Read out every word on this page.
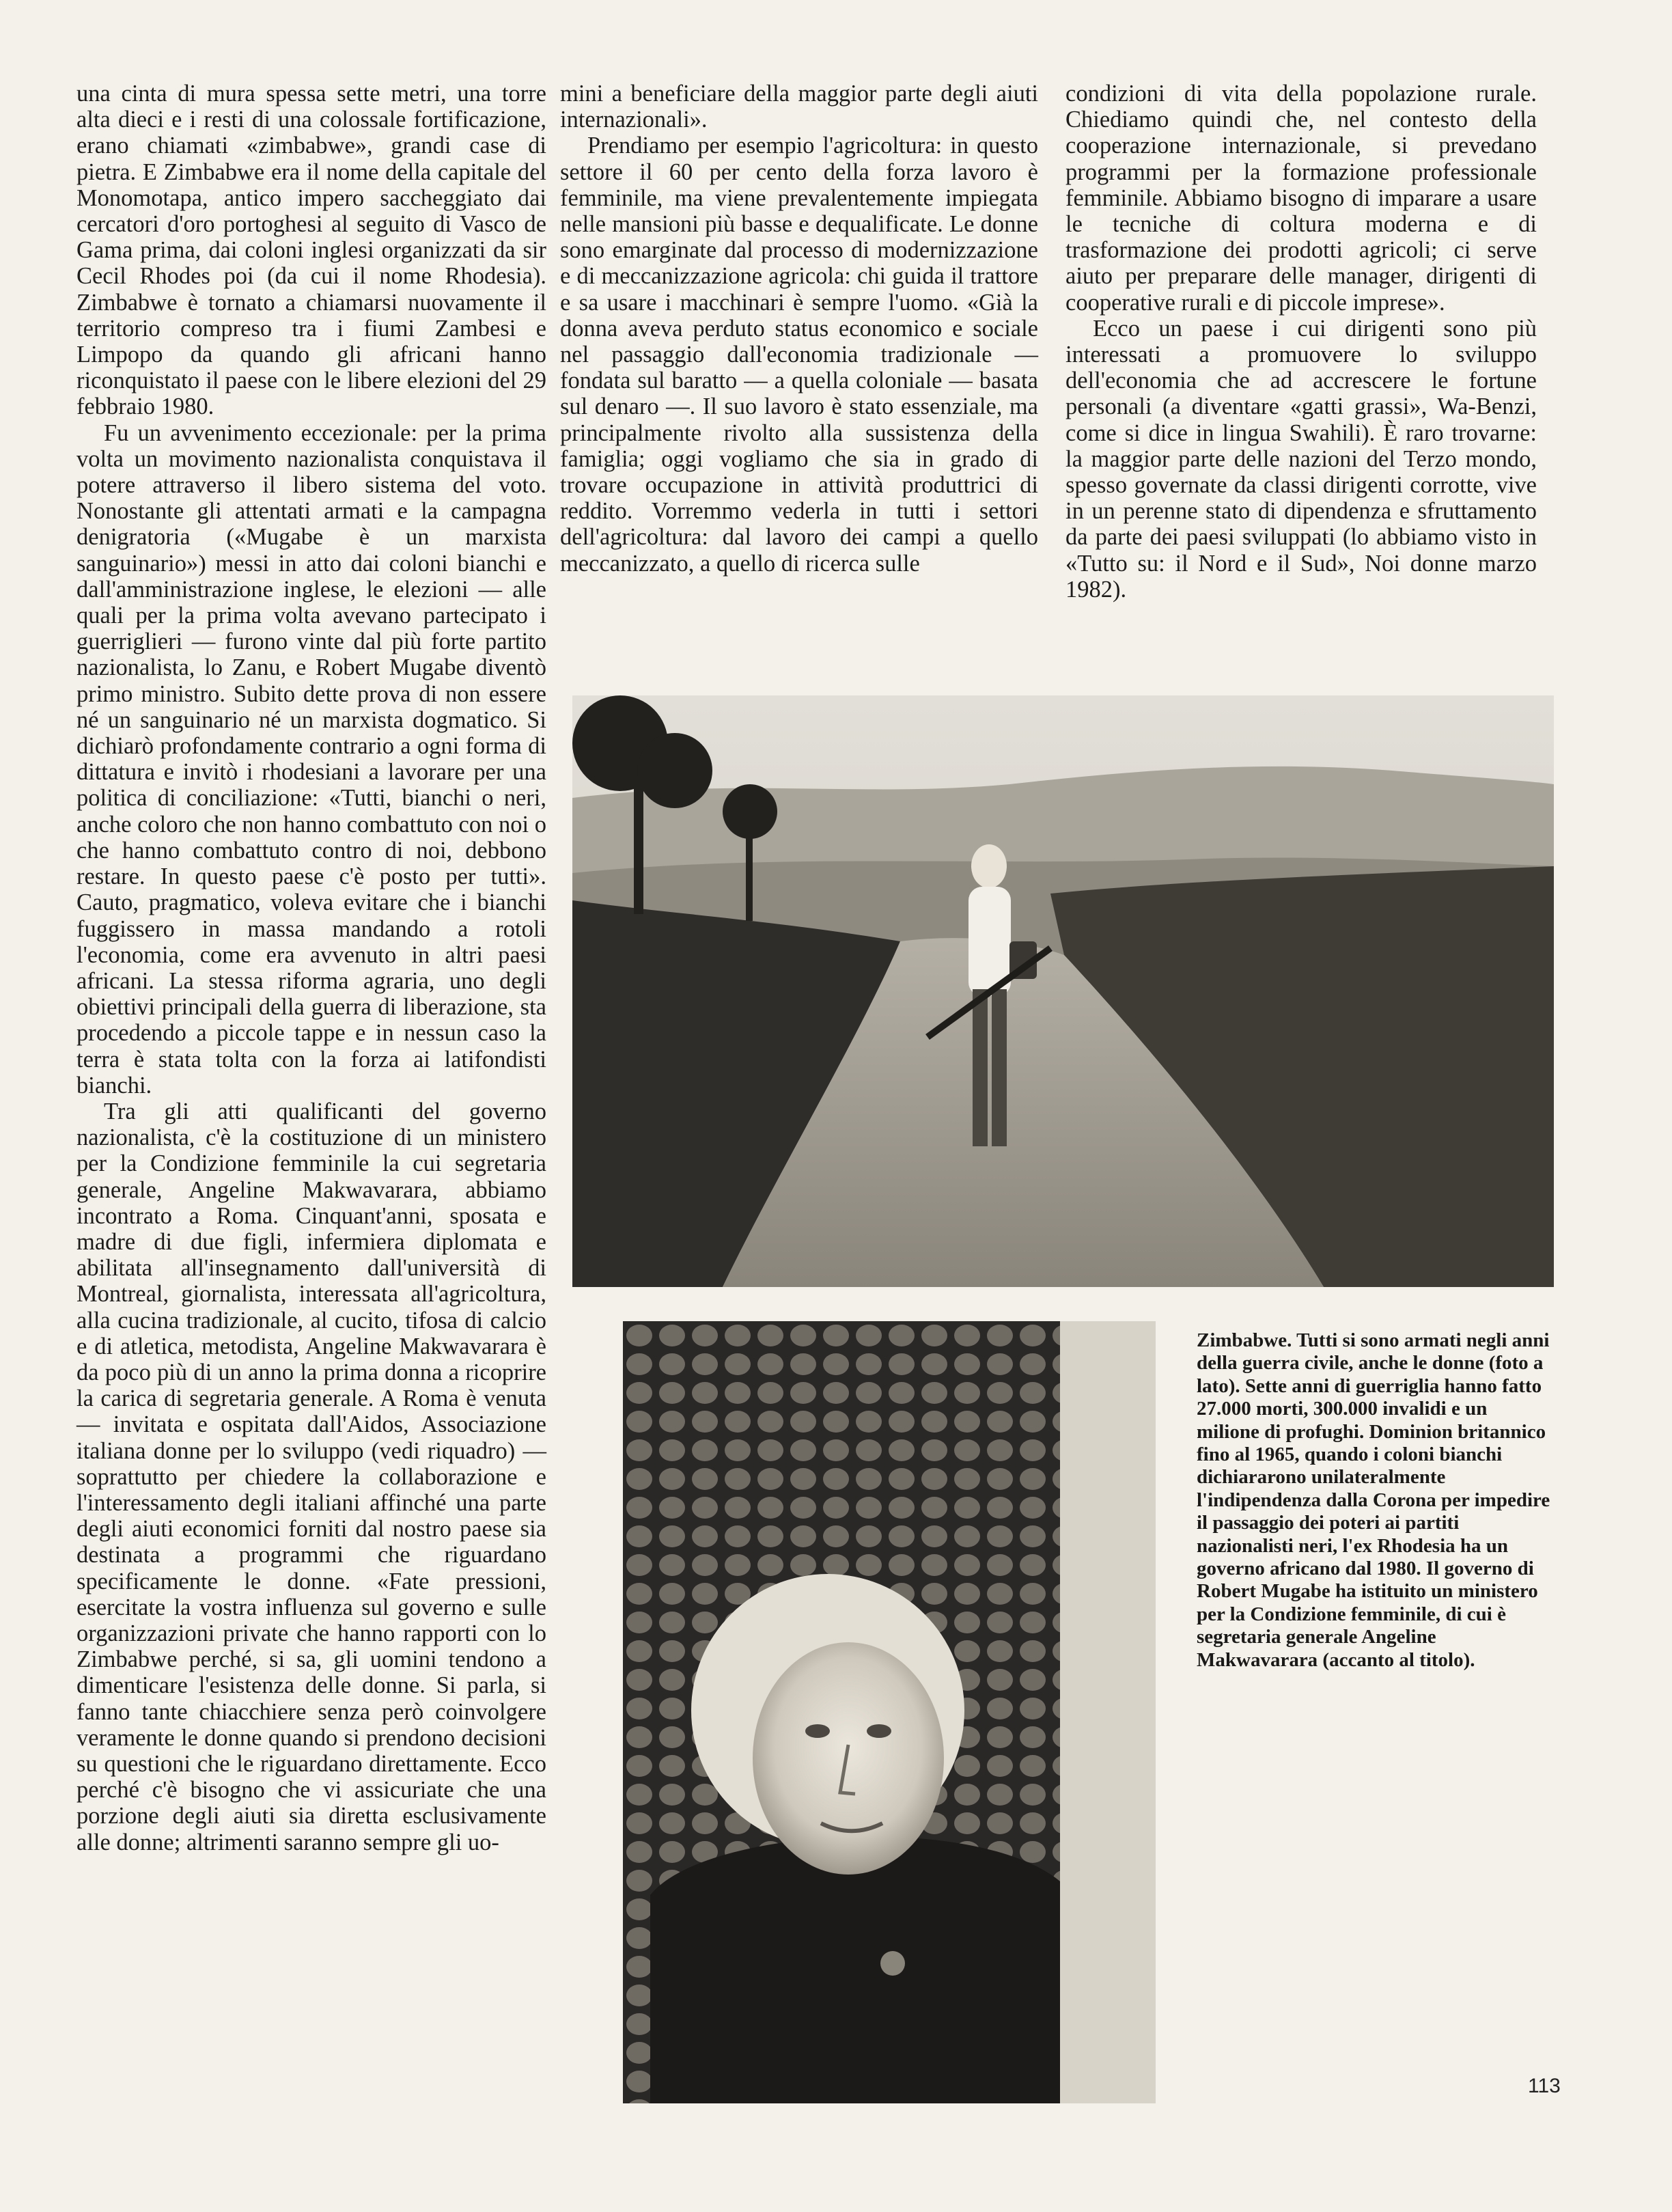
una cinta di mura spessa sette metri, una torre alta dieci e i resti di una colossale fortificazione, erano chiamati «zimbabwe», grandi case di pietra. E Zimbabwe era il nome della capitale del Monomotapa, antico impero saccheggiato dai cercatori d'oro portoghesi al seguito di Vasco de Gama prima, dai coloni inglesi organizzati da sir Cecil Rhodes poi (da cui il nome Rhodesia). Zimbabwe è tornato a chiamarsi nuovamente il territorio compreso tra i fiumi Zambesi e Limpopo da quando gli africani hanno riconquistato il paese con le libere elezioni del 29 febbraio 1980.

Fu un avvenimento eccezionale: per la prima volta un movimento nazionalista conquistava il potere attraverso il libero sistema del voto. Nonostante gli attentati armati e la campagna denigratoria («Mugabe è un marxista sanguinario») messi in atto dai coloni bianchi e dall'amministrazione inglese, le elezioni — alle quali per la prima volta avevano partecipato i guerriglieri — furono vinte dal più forte partito nazionalista, lo Zanu, e Robert Mugabe diventò primo ministro. Subito dette prova di non essere né un sanguinario né un marxista dogmatico. Si dichiarò profondamente contrario a ogni forma di dittatura e invitò i rhodesiani a lavorare per una politica di conciliazione: «Tutti, bianchi o neri, anche coloro che non hanno combattuto con noi o che hanno combattuto contro di noi, debbono restare. In questo paese c'è posto per tutti». Cauto, pragmatico, voleva evitare che i bianchi fuggissero in massa mandando a rotoli l'economia, come era avvenuto in altri paesi africani. La stessa riforma agraria, uno degli obiettivi principali della guerra di liberazione, sta procedendo a piccole tappe e in nessun caso la terra è stata tolta con la forza ai latifondisti bianchi.

Tra gli atti qualificanti del governo nazionalista, c'è la costituzione di un ministero per la Condizione femminile la cui segretaria generale, Angeline Makwavarara, abbiamo incontrato a Roma. Cinquant'anni, sposata e madre di due figli, infermiera diplomata e abilitata all'insegnamento dall'università di Montreal, giornalista, interessata all'agricoltura, alla cucina tradizionale, al cucito, tifosa di calcio e di atletica, metodista, Angeline Makwavarara è da poco più di un anno la prima donna a ricoprire la carica di segretaria generale. A Roma è venuta — invitata e ospitata dall'Aidos, Associazione italiana donne per lo sviluppo (vedi riquadro) — soprattutto per chiedere la collaborazione e l'interessamento degli italiani affinché una parte degli aiuti economici forniti dal nostro paese sia destinata a programmi che riguardano specificamente le donne. «Fate pressioni, esercitate la vostra influenza sul governo e sulle organizzazioni private che hanno rapporti con lo Zimbabwe perché, si sa, gli uomini tendono a dimenticare l'esistenza delle donne. Si parla, si fanno tante chiacchiere senza però coinvolgere veramente le donne quando si prendono decisioni su questioni che le riguardano direttamente. Ecco perché c'è bisogno che vi assicuriate che una porzione degli aiuti sia diretta esclusivamente alle donne; altrimenti saranno sempre gli uo-

mini a beneficiare della maggior parte degli aiuti internazionali».

Prendiamo per esempio l'agricoltura: in questo settore il 60 per cento della forza lavoro è femminile, ma viene prevalentemente impiegata nelle mansioni più basse e dequalificate. Le donne sono emarginate dal processo di modernizzazione e di meccanizzazione agricola: chi guida il trattore e sa usare i macchinari è sempre l'uomo. «Già la donna aveva perduto status economico e sociale nel passaggio dall'economia tradizionale — fondata sul baratto — a quella coloniale — basata sul denaro —. Il suo lavoro è stato essenziale, ma principalmente rivolto alla sussistenza della famiglia; oggi vogliamo che sia in grado di trovare occupazione in attività produttrici di reddito. Vorremmo vederla in tutti i settori dell'agricoltura: dal lavoro dei campi a quello meccanizzato, a quello di ricerca sulle

condizioni di vita della popolazione rurale. Chiediamo quindi che, nel contesto della cooperazione internazionale, si prevedano programmi per la formazione professionale femminile. Abbiamo bisogno di imparare a usare le tecniche di coltura moderna e di trasformazione dei prodotti agricoli; ci serve aiuto per preparare delle manager, dirigenti di cooperative rurali e di piccole imprese».

Ecco un paese i cui dirigenti sono più interessati a promuovere lo sviluppo dell'economia che ad accrescere le fortune personali (a diventare «gatti grassi», Wa-Benzi, come si dice in lingua Swahili). È raro trovarne: la maggior parte delle nazioni del Terzo mondo, spesso governate da classi dirigenti corrotte, vive in un perenne stato di dipendenza e sfruttamento da parte dei paesi sviluppati (lo abbiamo visto in «Tutto su: il Nord e il Sud», Noi donne marzo 1982).

Zimbabwe. Tutti si sono armati negli anni della guerra civile, anche le donne (foto a lato). Sette anni di guerriglia hanno fatto 27.000 morti, 300.000 invalidi e un milione di profughi. Dominion britannico fino al 1965, quando i coloni bianchi dichiararono unilateralmente l'indipendenza dalla Corona per impedire il passaggio dei poteri ai partiti nazionalisti neri, l'ex Rhodesia ha un governo africano dal 1980. Il governo di Robert Mugabe ha istituito un ministero per la Condizione femminile, di cui è segretaria generale Angeline Makwavarara (accanto al titolo).
113
